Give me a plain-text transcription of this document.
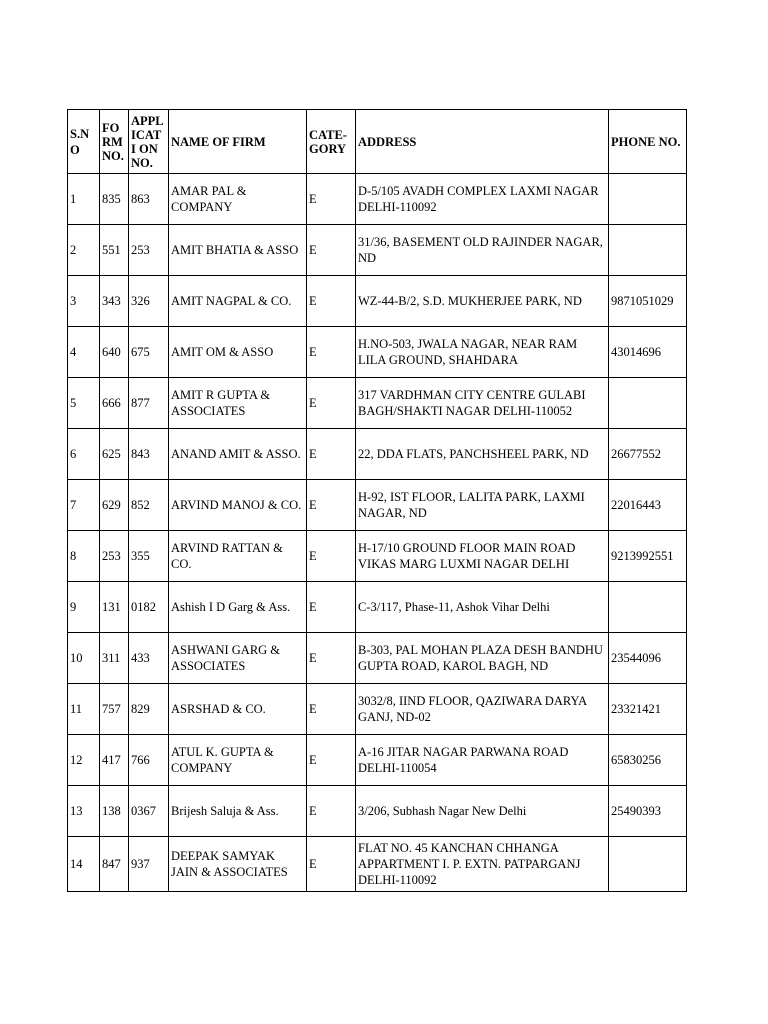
S.NO	FO RM NO.	APPL ICATI ON NO.	NAME OF FIRM	CATE- GORY	ADDRESS	PHONE NO.
1	835	863	AMAR PAL & COMPANY	E	D-5/105 AVADH COMPLEX LAXMI NAGAR DELHI-110092	
2	551	253	AMIT BHATIA & ASSO	E	31/36, BASEMENT OLD RAJINDER NAGAR, ND	
3	343	326	AMIT NAGPAL & CO.	E	WZ-44-B/2, S.D. MUKHERJEE PARK, ND	9871051029
4	640	675	AMIT OM & ASSO	E	H.NO-503, JWALA NAGAR, NEAR RAM LILA GROUND, SHAHDARA	43014696
5	666	877	AMIT R GUPTA & ASSOCIATES	E	317 VARDHMAN CITY CENTRE GULABI BAGH/SHAKTI NAGAR DELHI-110052	
6	625	843	ANAND AMIT & ASSO.	E	22, DDA FLATS, PANCHSHEEL PARK, ND	26677552
7	629	852	ARVIND MANOJ & CO.	E	H-92, IST FLOOR, LALITA PARK, LAXMI NAGAR, ND	22016443
8	253	355	ARVIND RATTAN & CO.	E	H-17/10 GROUND FLOOR MAIN ROAD VIKAS MARG LUXMI NAGAR DELHI	9213992551
9	131	0182	Ashish I D Garg & Ass.	E	C-3/117, Phase-11, Ashok Vihar Delhi	
10	311	433	ASHWANI GARG & ASSOCIATES	E	B-303, PAL MOHAN PLAZA DESH BANDHU GUPTA ROAD, KAROL BAGH, ND	23544096
11	757	829	ASRSHAD & CO.	E	3032/8, IIND FLOOR, QAZIWARA DARYA GANJ, ND-02	23321421
12	417	766	ATUL K. GUPTA & COMPANY	E	A-16 JITAR NAGAR PARWANA ROAD DELHI-110054	65830256
13	138	0367	Brijesh Saluja & Ass.	E	3/206, Subhash Nagar New Delhi	25490393
14	847	937	DEEPAK SAMYAK JAIN & ASSOCIATES	E	FLAT NO. 45 KANCHAN CHHANGA APPARTMENT I. P. EXTN. PATPARGANJ DELHI-110092	
